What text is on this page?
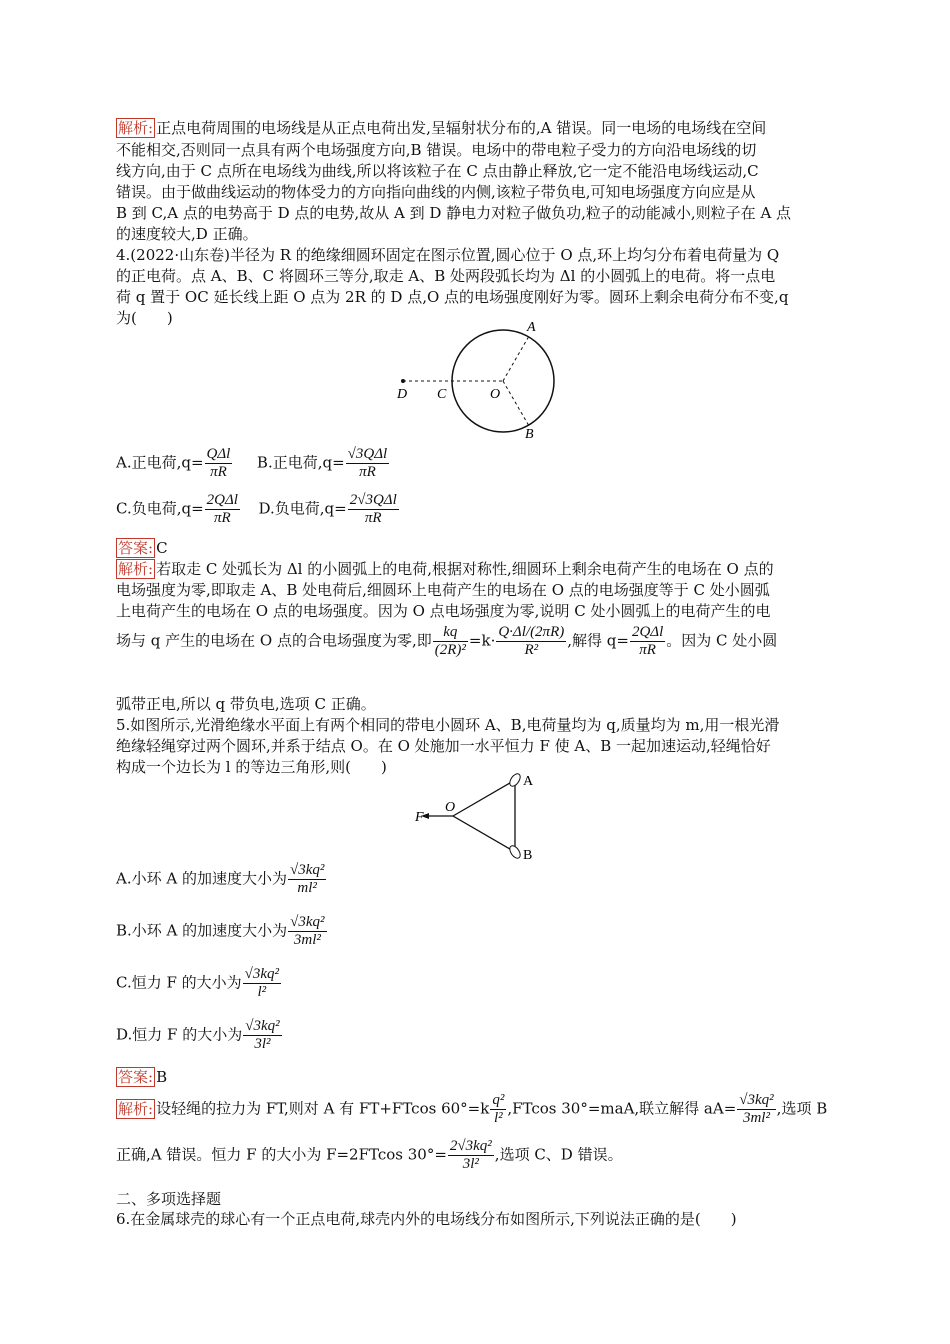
解析: 正点电荷周围的电场线是从正点电荷出发,呈辐射状分布的,A 错误。同一电场的电场线在空间
不能相交,否则同一点具有两个电场强度方向,B 错误。电场中的带电粒子受力的方向沿电场线的切
线方向,由于 C 点所在电场线为曲线,所以将该粒子在 C 点由静止释放,它一定不能沿电场线运动,C
错误。由于做曲线运动的物体受力的方向指向曲线的内侧,该粒子带负电,可知电场强度方向应是从
B 到 C,A 点的电势高于 D 点的电势,故从 A 到 D 静电力对粒子做负功,粒子的动能减小,则粒子在 A 点
的速度较大,D 正确。
4.(2022·山东卷)半径为 R 的绝缘细圆环固定在图示位置,圆心位于 O 点,环上均匀分布着电荷量为 Q
的正电荷。点 A、B、C 将圆环三等分,取走 A、B 处两段弧长均为 Δl 的小圆弧上的电荷。将一点电
荷 q 置于 OC 延长线上距 O 点为 2R 的 D 点,O 点的电场强度刚好为零。圆环上剩余电荷分布不变,q
为(　　)
A
B
C
D	O
A.正电荷$,q= \frac{\text{QΔl}}{\pi R} B$.正电荷$,q= \frac{\text{√3QΔl}}{\pi R}$
C.负电荷$,q= \frac{\text{2QΔl}}{\pi R} D$.负电荷$,q= \frac{\text{2√3QΔl}}{\pi R}$
答案: C
解析: 若取走 C 处弧长为 Δl 的小圆弧上的电荷,根据对称性,细圆环上剩余电荷产生的电场在 O 点的
电场强度为零,即取走 A、B 处电荷后,细圆环上电荷产生的电场在 O 点的电场强度等于 C 处小圆弧
上电荷产生的电场在 O 点的电场强度。因为 O 点电场强度为零,说明 C 处小圆弧上的电荷产生的电
场与 q 产生的电场在 O 点的合电场强度为零,即 $\frac{kq}{\text{(2R)²}} =k\cdot \frac{Q\cdot\Delta l/(2\pi R)}{\text{R²}}$ ,解得 $q= \frac{\text{2QΔl}}{\pi R}$ 。因为 C 处小圆
弧带正电,所以 q 带负电,选项 C 正确。
5.如图所示,光滑绝缘水平面上有两个相同的带电小圆环 A、B,电荷量均为 q,质量均为 m,用一根光滑
绝缘轻绳穿过两个圆环,并系于结点 O。在 O 处施加一水平恒力 F 使 A、B 一起加速运动,轻绳恰好
构成一个边长为 l 的等边三角形,则(　　)
F
O
A
B
A.小环 A 的加速度大小为 $\frac{\text{√3kq²}}{\text{ml²}}$
B.小环 A 的加速度大小为 $\frac{\text{√3kq²}}{\text{3ml²}}$
C.恒力 F 的大小为 $\frac{\text{√3kq²}}{\text{l²}}$
D.恒力 F 的大小为 $\frac{\text{√3kq²}}{\text{3l²}}$
答案: B
解析: 设轻绳的拉力为 FT,则对 A 有 FT+FTcos $60^\circ=k \frac{\text{q²}}{\text{l²}} ,FTcos$ 30°=maA,联立解得 $aA= \frac{\text{√3kq²}}{\text{3ml²}}$ ,选项 B
正确,A 错误。恒力 F 的大小为 F=2FTcos $30^\circ= \frac{\text{2√3kq²}}{\text{3l²}}$ ,选项 C、D 错误。
二、多项选择题
6.在金属球壳的球心有一个正点电荷,球壳内外的电场线分布如图所示,下列说法正确的是(　　)
